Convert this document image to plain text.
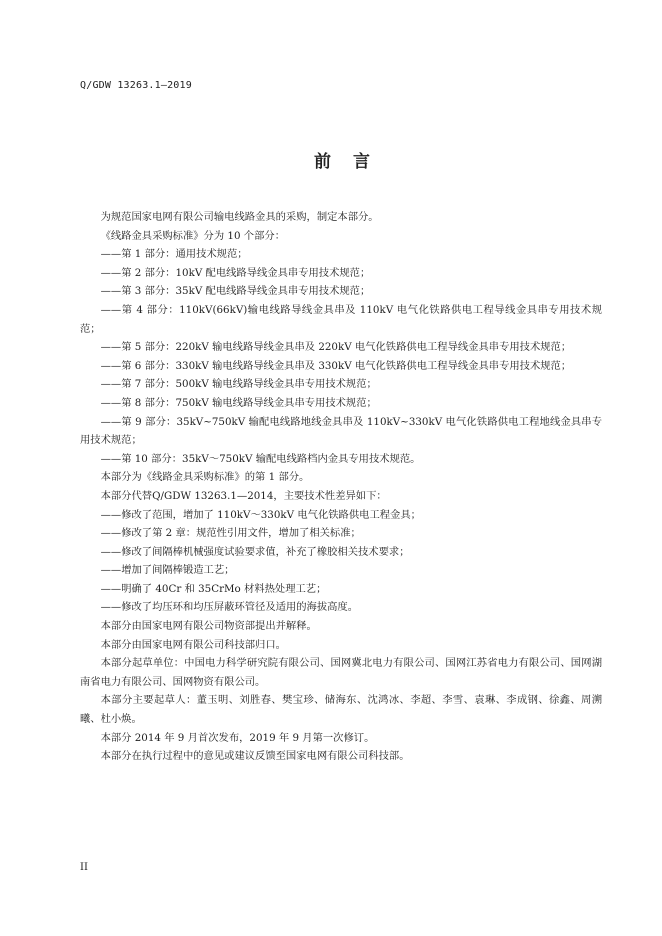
Q/GDW 13263.1—2019
前言

为规范国家电网有限公司输电线路金具的采购，制定本部分。

《线路金具采购标准》分为 10 个部分：

——第 1 部分：通用技术规范；

——第 2 部分：10kV 配电线路导线金具串专用技术规范；

——第 3 部分：35kV 配电线路导线金具串专用技术规范；

——第 4 部分：110kV(66kV)输电线路导线金具串及 110kV 电气化铁路供电工程导线金具串专用技术规范；

——第 5 部分：220kV 输电线路导线金具串及 220kV 电气化铁路供电工程导线金具串专用技术规范；

——第 6 部分：330kV 输电线路导线金具串及 330kV 电气化铁路供电工程导线金具串专用技术规范；

——第 7 部分：500kV 输电线路导线金具串专用技术规范；

——第 8 部分：750kV 输电线路导线金具串专用技术规范；

——第 9 部分：35kV~750kV 输配电线路地线金具串及 110kV~330kV 电气化铁路供电工程地线金具串专用技术规范；

——第 10 部分：35kV～750kV 输配电线路档内金具专用技术规范。

本部分为《线路金具采购标准》的第 1 部分。

本部分代替Q/GDW 13263.1—2014，主要技术性差异如下：

——修改了范围，增加了 110kV～330kV 电气化铁路供电工程金具；

——修改了第 2 章：规范性引用文件，增加了相关标准；

——修改了间隔棒机械强度试验要求值，补充了橡胶相关技术要求；

——增加了间隔棒锻造工艺；

——明确了 40Cr 和 35CrMo 材料热处理工艺；

——修改了均压环和均压屏蔽环管径及适用的海拔高度。

本部分由国家电网有限公司物资部提出并解释。

本部分由国家电网有限公司科技部归口。

本部分起草单位：中国电力科学研究院有限公司、国网冀北电力有限公司、国网江苏省电力有限公司、国网湖南省电力有限公司、国网物资有限公司。

本部分主要起草人：董玉明、刘胜春、樊宝珍、储海东、沈鸿冰、李超、李雪、袁琳、李成钢、徐鑫、周溯曦、杜小焕。

本部分 2014 年 9 月首次发布，2019 年 9 月第一次修订。

本部分在执行过程中的意见或建议反馈至国家电网有限公司科技部。

II
